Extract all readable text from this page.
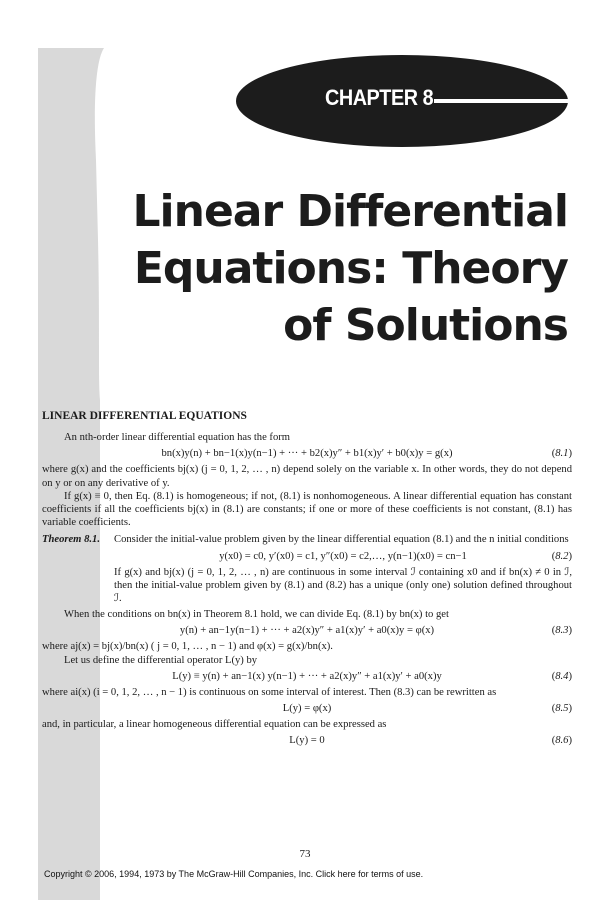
CHAPTER 8
Linear Differential
Equations: Theory
of Solutions
LINEAR DIFFERENTIAL EQUATIONS

An nth-order linear differential equation has the form

bn(x)y(n) + bn−1(x)y(n−1) + ··· + b2(x)y″ + b1(x)y′ + b0(x)y = g(x)	( 8.1 )

where g(x) and the coefficients bj(x) (j = 0, 1, 2, … , n) depend solely on the variable x. In other words, they do not depend on y or on any derivative of y.

If g(x) ≡ 0, then Eq. (8.1) is homogeneous; if not, (8.1) is nonhomogeneous. A linear differential equation has constant coefficients if all the coefficients bj(x) in (8.1) are constants; if one or more of these coefficients is not constant, (8.1) has variable coefficients.

Theorem 8.1.	Consider the initial-value problem given by the linear differential equation (8.1) and the n initial conditions

y(x0) = c0, y′(x0) = c1, y″(x0) = c2,…, y(n−1)(x0) = cn−1	( 8.2 )

If g(x) and bj(x) (j = 0, 1, 2, … , n) are continuous in some interval ℐ containing x0 and if bn(x) ≠ 0 in ℐ, then the initial-value problem given by (8.1) and (8.2) has a unique (only one) solution defined throughout ℐ.

When the conditions on bn(x) in Theorem 8.1 hold, we can divide Eq. (8.1) by bn(x) to get

y(n) + an−1y(n−1) + ··· + a2(x)y″ + a1(x)y′ + a0(x)y = φ(x)	( 8.3 )

where aj(x) = bj(x)/bn(x) ( j = 0, 1, … , n − 1) and φ(x) = g(x)/bn(x).

Let us define the differential operator L(y) by

L(y) ≡ y(n) + an−1(x) y(n−1) + ··· + a2(x)y″ + a1(x)y′ + a0(x)y	( 8.4 )

where ai(x) (i = 0, 1, 2, … , n − 1) is continuous on some interval of interest. Then (8.3) can be rewritten as

L(y) = φ(x)	( 8.5 )

and, in particular, a linear homogeneous differential equation can be expressed as

L(y) = 0	( 8.6 )
73
Copyright © 2006, 1994, 1973 by The McGraw-Hill Companies, Inc. Click here for terms of use.
